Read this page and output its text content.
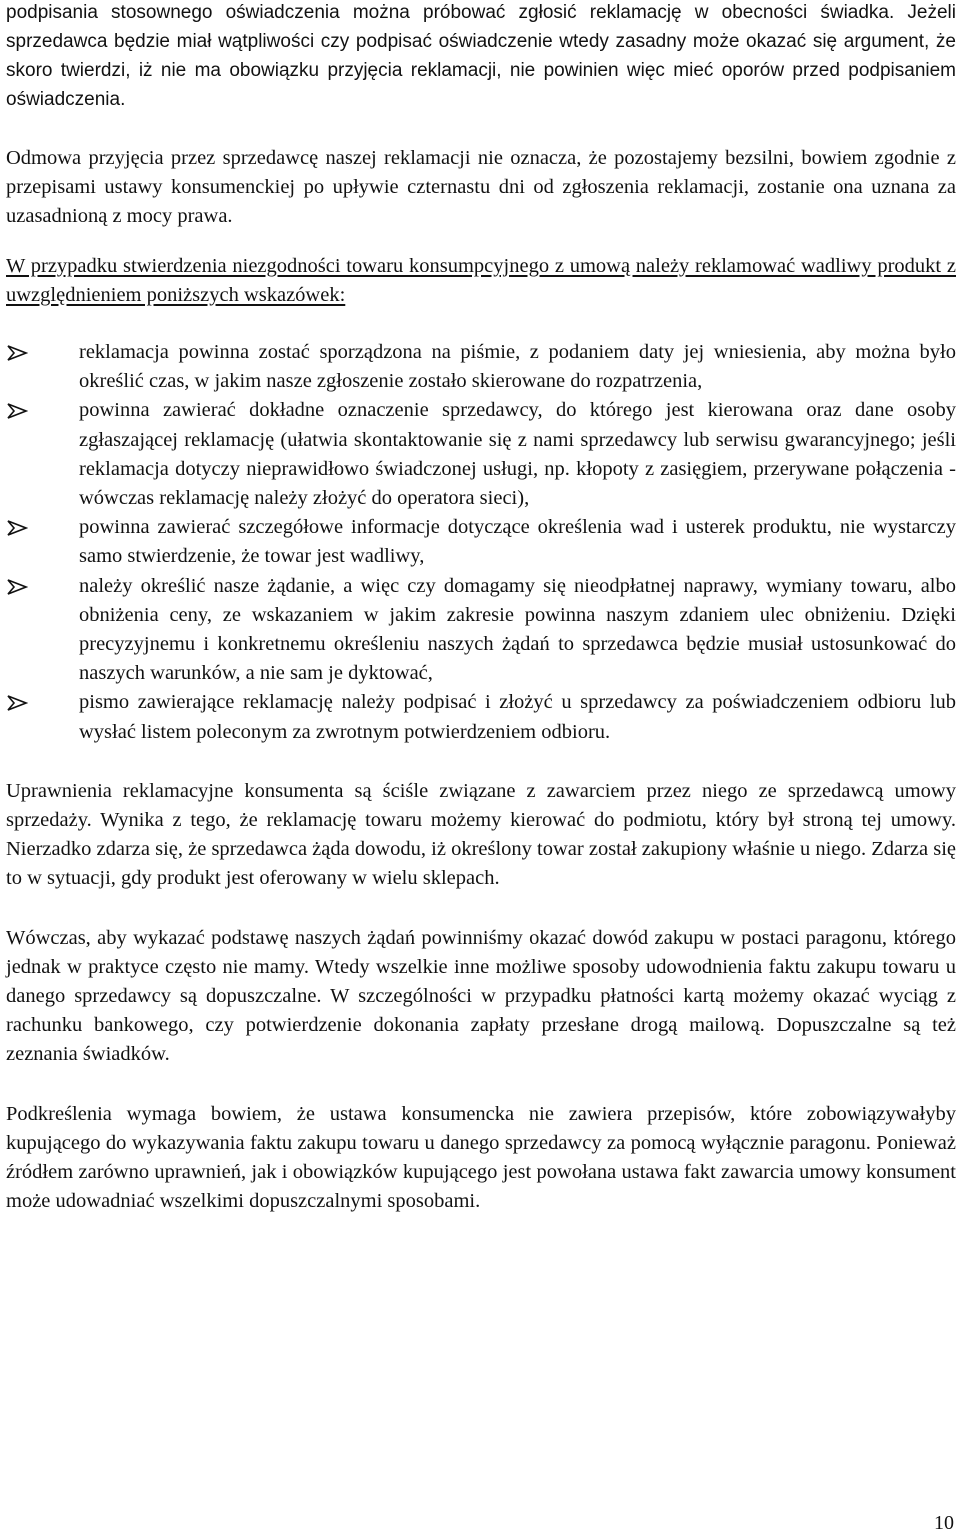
podpisania stosownego oświadczenia można próbować zgłosić reklamację w obecności świadka. Jeżeli sprzedawca będzie miał wątpliwości czy podpisać oświadczenie wtedy zasadny może okazać się argument, że skoro twierdzi, iż nie ma obowiązku przyjęcia reklamacji, nie powinien więc mieć oporów przed podpisaniem oświadczenia.

Odmowa przyjęcia przez sprzedawcę naszej reklamacji nie oznacza, że pozostajemy bezsilni, bowiem zgodnie z przepisami ustawy konsumenckiej po upływie czternastu dni od zgłoszenia reklamacji, zostanie ona uznana za uzasadnioną z mocy prawa.

W przypadku stwierdzenia niezgodności towaru konsumpcyjnego z umową należy reklamować wadliwy produkt z uwzględnieniem poniższych wskazówek:

reklamacja powinna zostać sporządzona na piśmie, z podaniem daty jej wniesienia, aby można było określić czas, w jakim nasze zgłoszenie zostało skierowane do rozpatrzenia,
powinna zawierać dokładne oznaczenie sprzedawcy, do którego jest kierowana oraz dane osoby zgłaszającej reklamację (ułatwia skontaktowanie się z nami sprzedawcy lub serwisu gwarancyjnego; jeśli reklamacja dotyczy nieprawidłowo świadczonej usługi, np. kłopoty z zasięgiem, przerywane połączenia - wówczas reklamację należy złożyć do operatora sieci),
powinna zawierać szczegółowe informacje dotyczące określenia wad i usterek produktu, nie wystarczy samo stwierdzenie, że towar jest wadliwy,
należy określić nasze żądanie, a więc czy domagamy się nieodpłatnej naprawy, wymiany towaru, albo obniżenia ceny, ze wskazaniem w jakim zakresie powinna naszym zdaniem ulec obniżeniu. Dzięki precyzyjnemu i konkretnemu określeniu naszych żądań to sprzedawca będzie musiał ustosunkować do naszych warunków, a nie sam je dyktować,
pismo zawierające reklamację należy podpisać i złożyć u sprzedawcy za poświadczeniem odbioru lub wysłać listem poleconym za zwrotnym potwierdzeniem odbioru.

Uprawnienia reklamacyjne konsumenta są ściśle związane z zawarciem przez niego ze sprzedawcą umowy sprzedaży. Wynika z tego, że reklamację towaru możemy kierować do podmiotu, który był stroną tej umowy. Nierzadko zdarza się, że sprzedawca żąda dowodu, iż określony towar został zakupiony właśnie u niego. Zdarza się to w sytuacji, gdy produkt jest oferowany w wielu sklepach.

Wówczas, aby wykazać podstawę naszych żądań powinniśmy okazać dowód zakupu w postaci paragonu, którego jednak w praktyce często nie mamy. Wtedy wszelkie inne możliwe sposoby udowodnienia faktu zakupu towaru u danego sprzedawcy są dopuszczalne. W szczególności w przypadku płatności kartą możemy okazać wyciąg z rachunku bankowego, czy potwierdzenie dokonania zapłaty przesłane drogą mailową. Dopuszczalne są też zeznania świadków.

Podkreślenia wymaga bowiem, że ustawa konsumencka nie zawiera przepisów, które zobowiązywałyby kupującego do wykazywania faktu zakupu towaru u danego sprzedawcy za pomocą wyłącznie paragonu. Ponieważ źródłem zarówno uprawnień, jak i obowiązków kupującego jest powołana ustawa fakt zawarcia umowy konsument może udowadniać wszelkimi dopuszczalnymi sposobami.

10
